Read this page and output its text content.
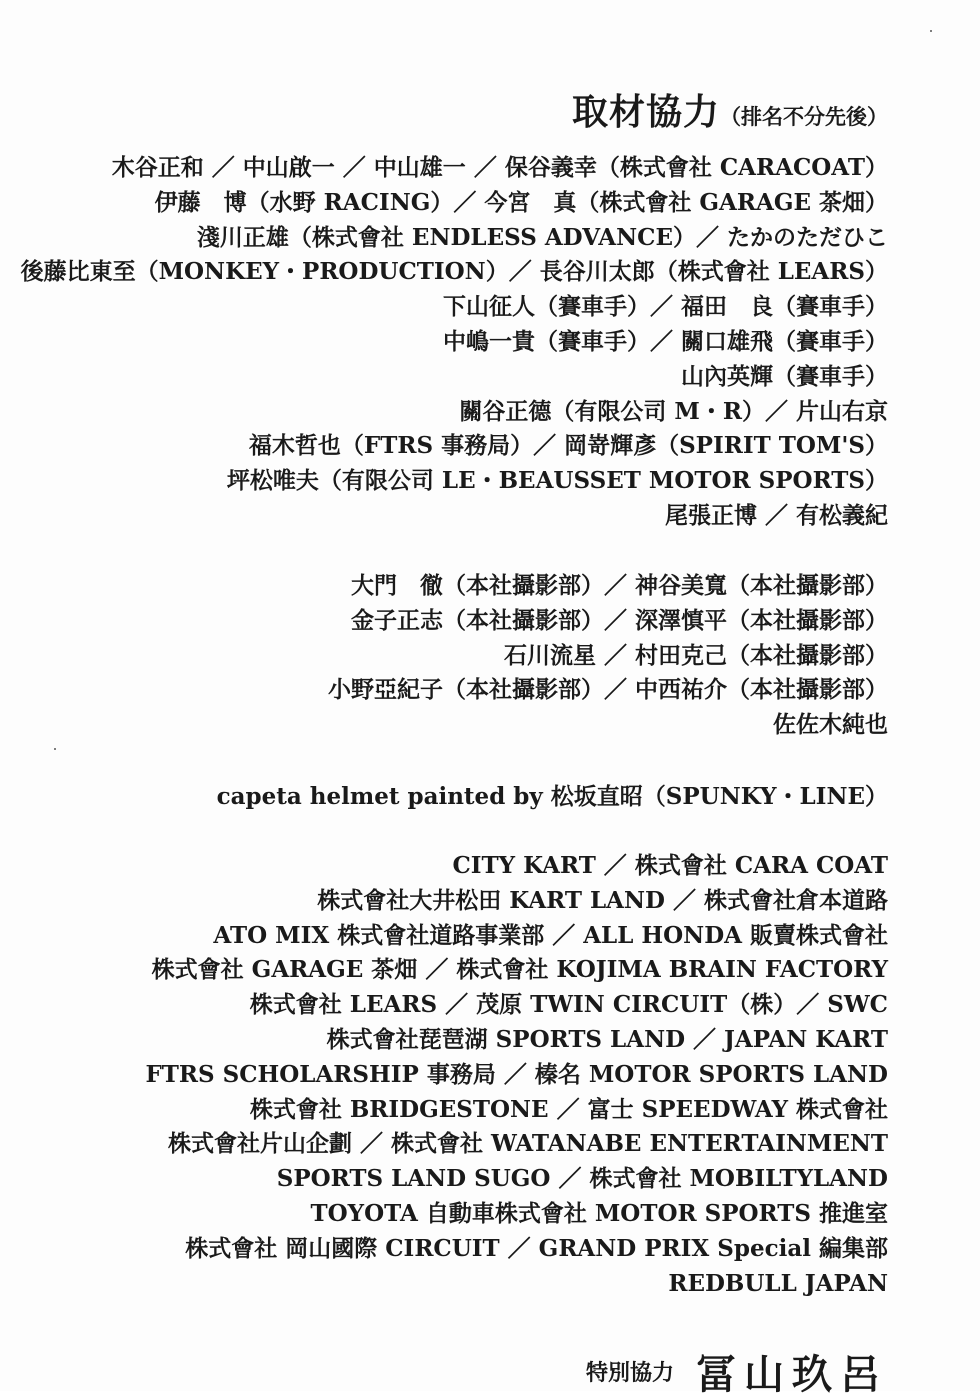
取材協力（排名不分先後）
木谷正和 ／ 中山啟一 ／ 中山雄一 ／ 保谷義幸（株式會社 CARACOAT）
伊藤　博（水野 RACING）／ 今宮　真（株式會社 GARAGE 茶畑）
淺川正雄（株式會社 ENDLESS ADVANCE）／ たかのただひこ
後藤比東至（MONKEY・PRODUCTION）／ 長谷川太郎（株式會社 LEARS）
下山征人（賽車手）／ 福田　良（賽車手）
中嶋一貴（賽車手）／ 關口雄飛（賽車手）
山內英輝（賽車手）
關谷正德（有限公司 M・R）／ 片山右京
福木哲也（FTRS 事務局）／ 岡嵜輝彥（SPIRIT TOM'S）
坪松唯夫（有限公司 LE・BEAUSSET MOTOR SPORTS）
尾張正博 ／ 有松義紀
大門　徹（本社攝影部）／ 神谷美寬（本社攝影部）
金子正志（本社攝影部）／ 深澤慎平（本社攝影部）
石川流星 ／ 村田克己（本社攝影部）
小野亞紀子（本社攝影部）／ 中西祐介（本社攝影部）
佐佐木純也
capeta helmet painted by 松坂直昭（SPUNKY・LINE）
CITY KART ／ 株式會社 CARA COAT
株式會社大井松田 KART LAND ／ 株式會社倉本道路
ATO MIX 株式會社道路事業部 ／ ALL HONDA 販賣株式會社
株式會社 GARAGE 茶畑 ／ 株式會社 KOJIMA BRAIN FACTORY
株式會社 LEARS ／ 茂原 TWIN CIRCUIT（株）／ SWC
株式會社琵琶湖 SPORTS LAND ／ JAPAN KART
FTRS SCHOLARSHIP 事務局 ／ 榛名 MOTOR SPORTS LAND
株式會社 BRIDGESTONE ／ 富士 SPEEDWAY 株式會社
株式會社片山企劃 ／ 株式會社 WATANABE ENTERTAINMENT
SPORTS LAND SUGO ／ 株式會社 MOBILTYLAND
TOYOTA 自動車株式會社 MOTOR SPORTS 推進室
株式會社 岡山國際 CIRCUIT ／ GRAND PRIX Special 編集部
REDBULL JAPAN
特別協力 冨山玖呂
